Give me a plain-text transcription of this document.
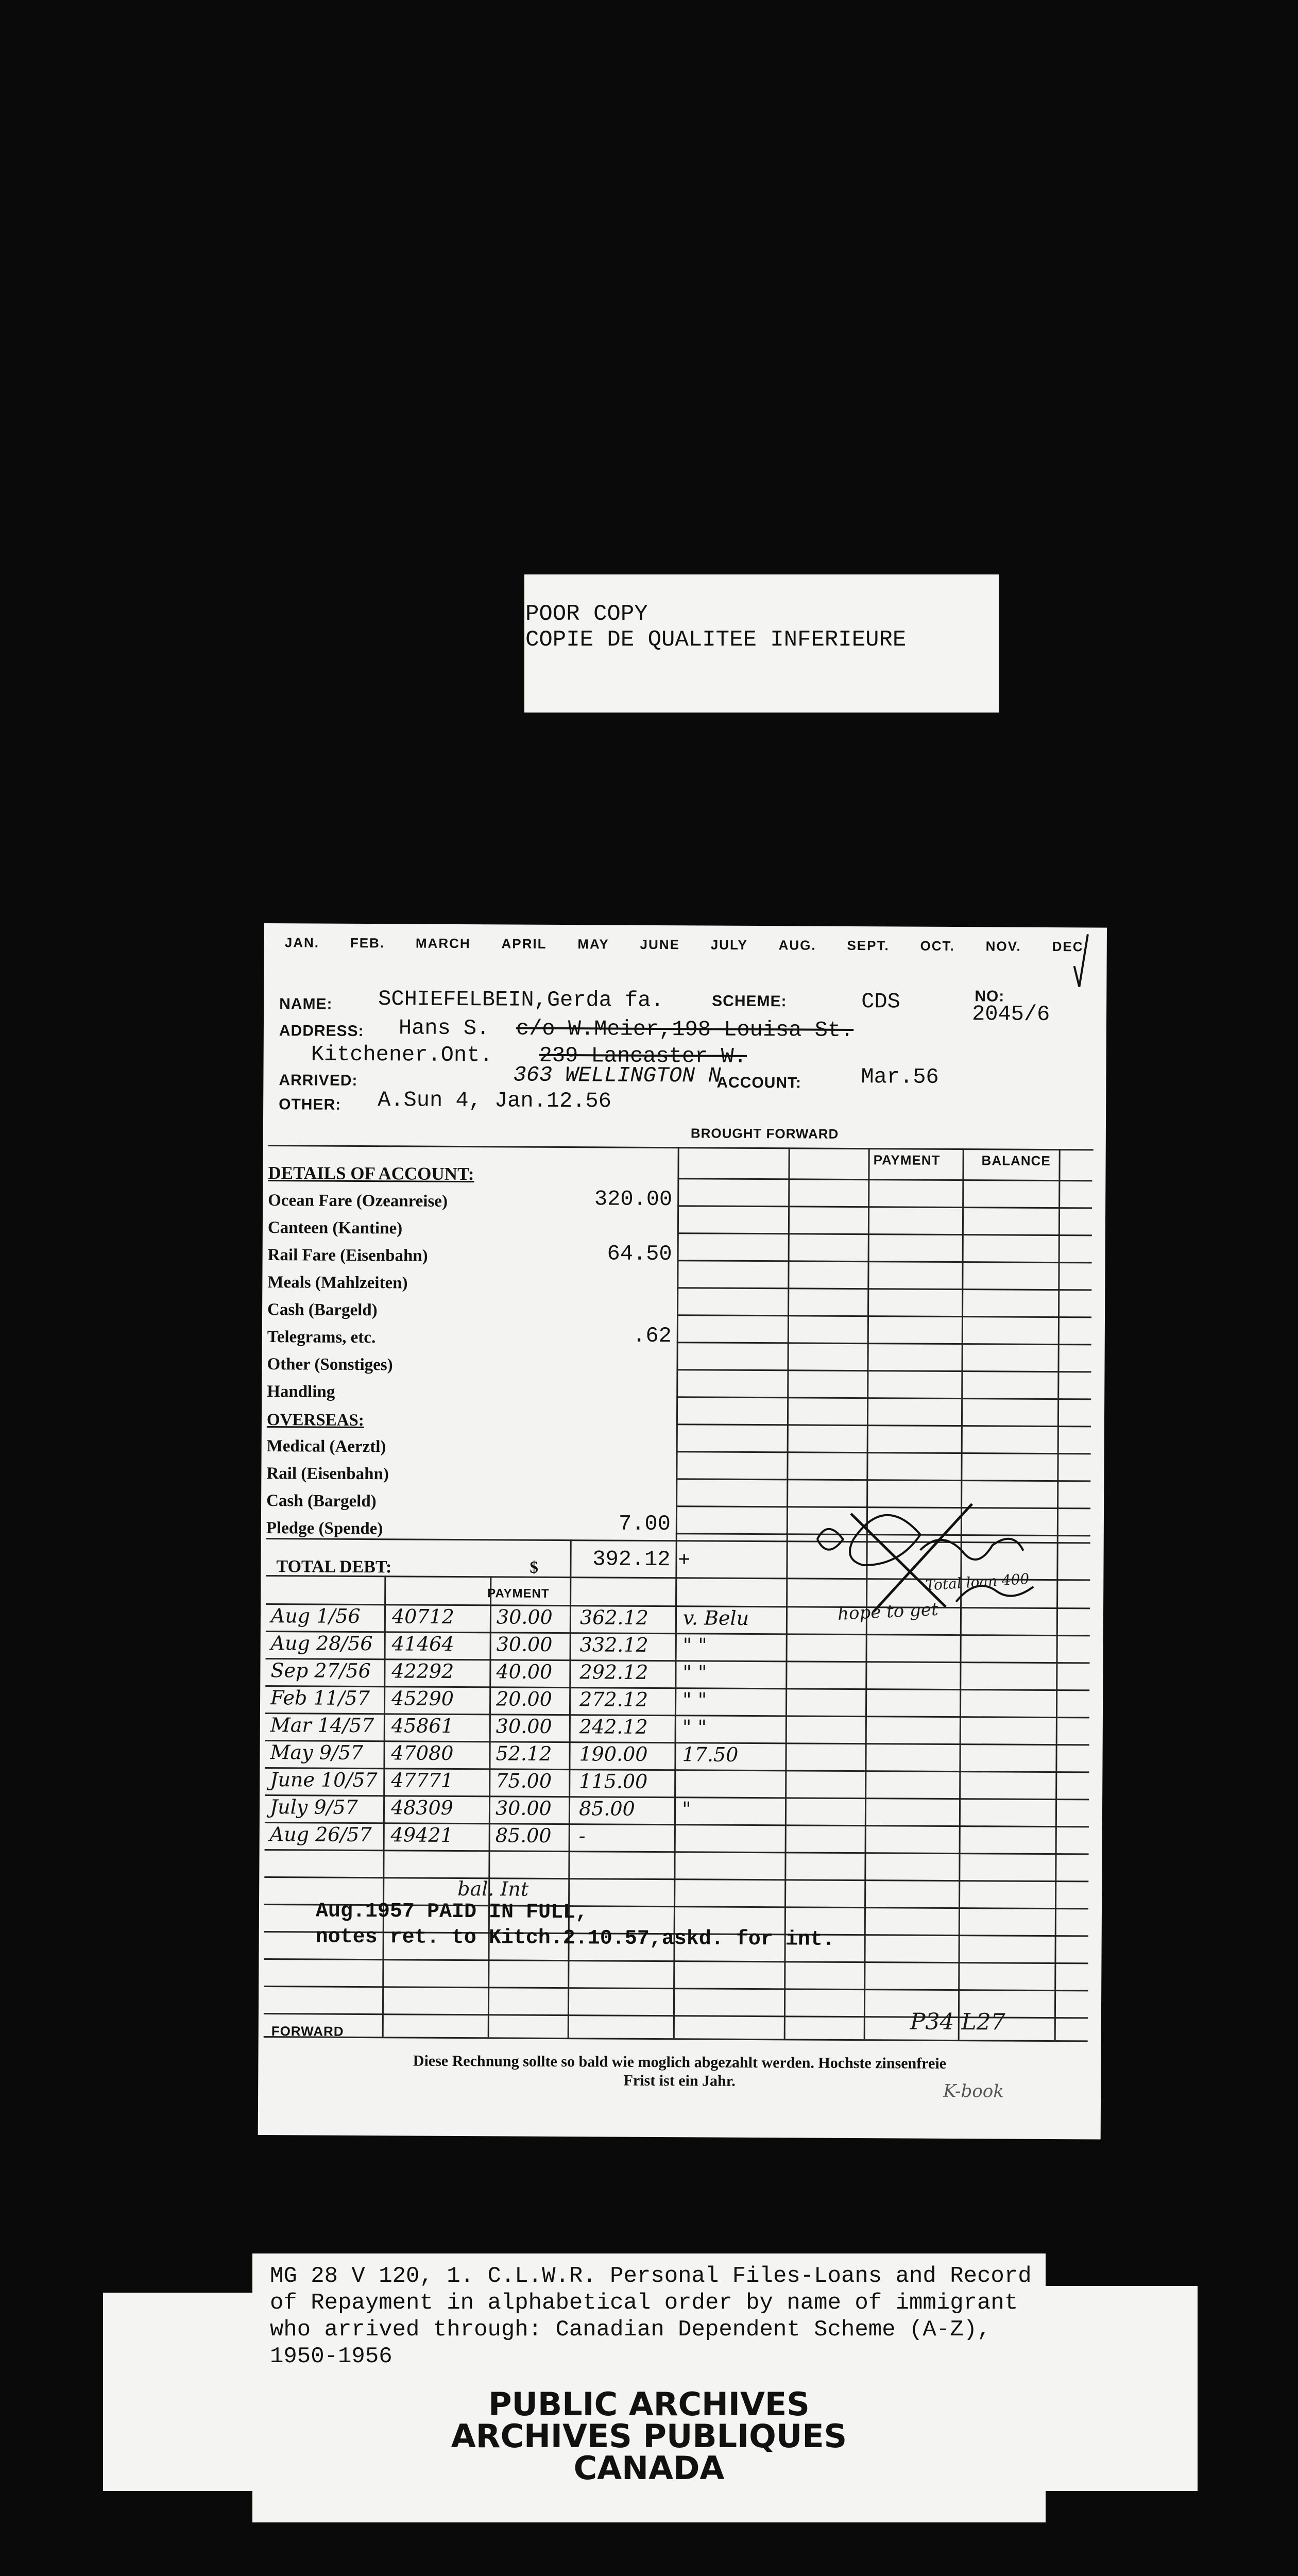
POOR COPY
COPIE DE QUALITEE INFERIEURE
JAN. FEB. MARCH APRIL MAY JUNE JULY AUG. SEPT. OCT. NOV. DEC.
NAME: SCHIEFELBEIN,Gerda fa.	SCHEME:	CDS	NO:
2045/6
ADDRESS: Hans S. c/o W.Meier,198 Louisa St.
Kitchener.Ont. 239 Lancaster W.
ARRIVED:	363 WELLINGTON N
ACCOUNT:	Mar.56
OTHER: A.Sun 4, Jan.12.56
BROUGHT FORWARD
PAYMENT	BALANCE
DETAILS OF ACCOUNT:
Ocean Fare (Ozeanreise)	320.00
Canteen (Kantine)
Rail Fare (Eisenbahn)	64.50
Meals (Mahlzeiten)
Cash (Bargeld)
Telegrams, etc.	.62
Other (Sonstiges)
Handling
OVERSEAS:
Medical (Aerztl)
Rail (Eisenbahn)
Cash (Bargeld)
Pledge (Spende)	7.00
TOTAL DEBT:	$	392.12 +
PAYMENT
Aug 1/56 40712 30.00 362.12 v. Belu
Aug 28/56 41464 30.00 332.12 " "
Sep 27/56 42292 40.00 292.12 " "
Feb 11/57 45290 20.00 272.12 " "
Mar 14/57 45861 30.00 242.12 " "
May 9/57 47080 52.12 190.00 17.50
June 10/57 47771 75.00 115.00
July 9/57 48309 30.00 85.00 "
Aug 26/57 49421 85.00 -
Total loan 400
hope to get
bal. Int
Aug.1957 PAID IN FULL,
notes ret. to Kitch.2.10.57,askd. for int.
FORWARD	P34 L27
Diese Rechnung sollte so bald wie moglich abgezahlt werden. Hochste zinsenfreie
Frist ist ein Jahr.
K-book
MG 28 V 120, 1. C.L.W.R. Personal Files-Loans and Record
of Repayment in alphabetical order by name of immigrant
who arrived through: Canadian Dependent Scheme (A-Z),
1950-1956
PUBLIC ARCHIVES
ARCHIVES PUBLIQUES
CANADA
